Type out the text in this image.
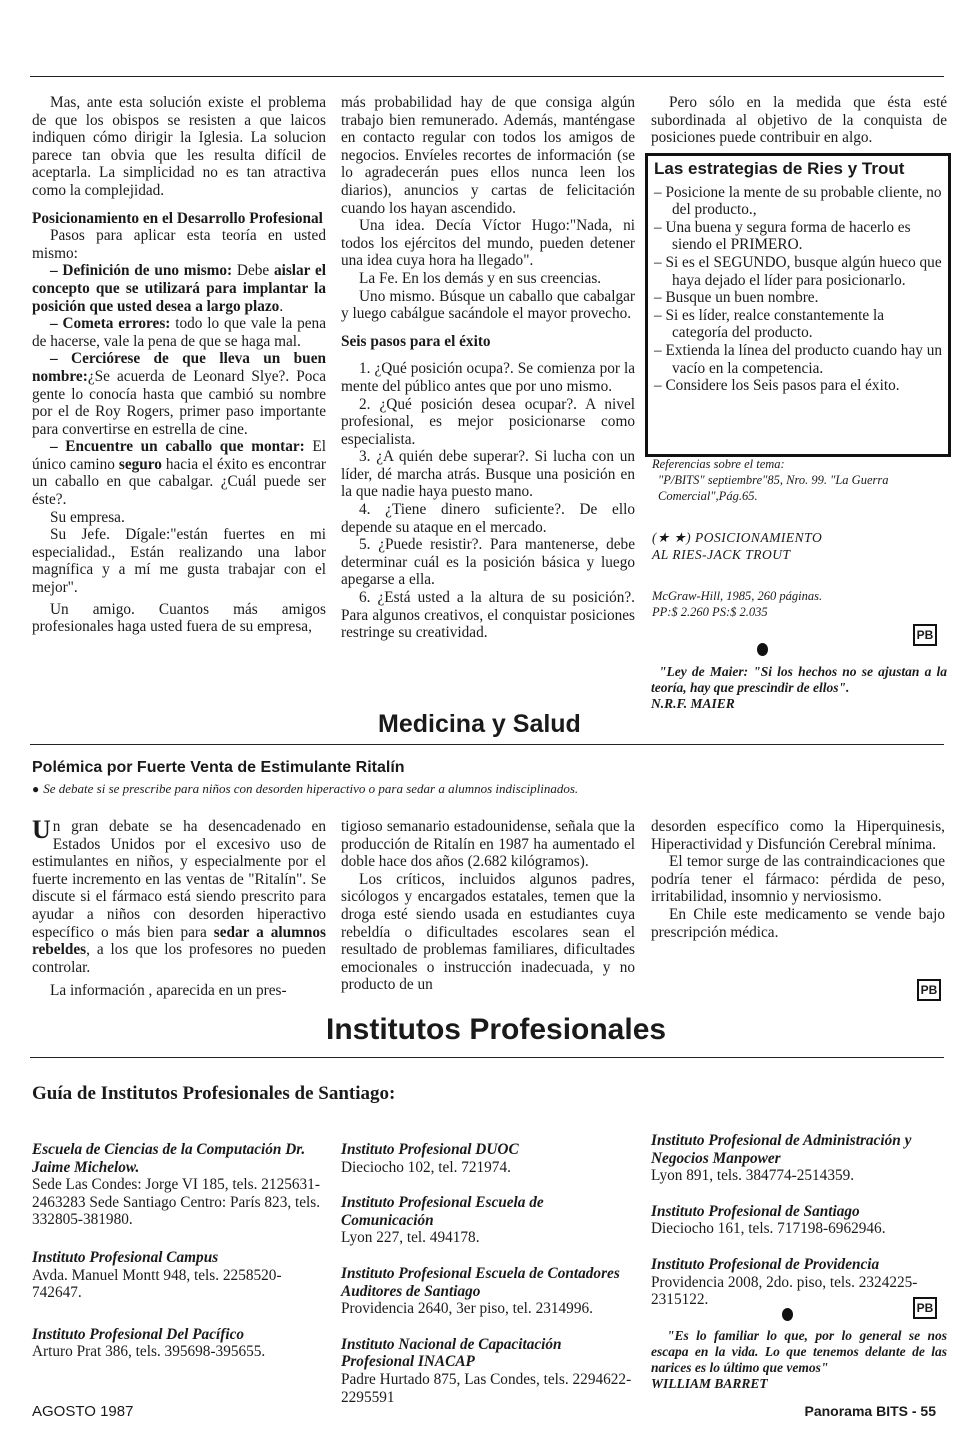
Mas, ante esta solución existe el problema de que los obispos se resisten a que laicos indiquen cómo dirigir la Iglesia. La solucion parece tan obvia que les resulta difícil de aceptarla. La simplicidad no es tan atractiva como la complejidad.

Posicionamiento en el Desarrollo Profesional

Pasos para aplicar esta teoría en usted mismo:

– Definición de uno mismo: Debe aislar el concepto que se utilizará para implantar la posición que usted desea a largo plazo.

– Cometa errores: todo lo que vale la pena de hacerse, vale la pena de que se haga mal.

– Cerciórese de que lleva un buen nombre:¿Se acuerda de Leonard Slye?. Poca gente lo conocía hasta que cambió su nombre por el de Roy Rogers, primer paso importante para convertirse en estrella de cine.

– Encuentre un caballo que montar: El único camino seguro hacia el éxito es encontrar un caballo en que cabalgar. ¿Cuál puede ser éste?.

Su empresa.

Su Jefe. Dígale:"están fuertes en mi especialidad., Están realizando una labor magnífica y a mí me gusta trabajar con el mejor".

Un amigo. Cuantos más amigos profesionales haga usted fuera de su empresa,

más probabilidad hay de que consiga algún trabajo bien remunerado. Además, manténgase en contacto regular con todos los amigos de negocios. Envíeles recortes de información (se lo agradecerán pues ellos nunca leen los diarios), anuncios y cartas de felicitación cuando los hayan ascendido.

Una idea. Decía Víctor Hugo:"Nada, ni todos los ejércitos del mundo, pueden detener una idea cuya hora ha llegado".

La Fe. En los demás y en sus creencias.

Uno mismo. Búsque un caballo que cabalgar y luego cabálgue sacándole el mayor provecho.

Seis pasos para el éxito

1. ¿Qué posición ocupa?. Se comienza por la mente del público antes que por uno mismo.

2. ¿Qué posición desea ocupar?. A nivel profesional, es mejor posicionarse como especialista.

3. ¿A quién debe superar?. Si lucha con un líder, dé marcha atrás. Busque una posición en la que nadie haya puesto mano.

4. ¿Tiene dinero suficiente?. De ello depende su ataque en el mercado.

5. ¿Puede resistir?. Para mantenerse, debe determinar cuál es la posición básica y luego apegarse a ella.

6. ¿Está usted a la altura de su posición?. Para algunos creativos, el conquistar posiciones restringe su creatividad.

Pero sólo en la medida que ésta esté subordinada al objetivo de la conquista de posiciones puede contribuir en algo.

Las estrategias de Ries y Trout
– Posicione la mente de su probable cliente, no del producto.,
– Una buena y segura forma de hacerlo es siendo el PRIMERO.
– Si es el SEGUNDO, busque algún hueco que haya dejado el líder para posicionarlo.
– Busque un buen nombre.
– Si es líder, realce constantemente la categoría del producto.
– Extienda la línea del producto cuando hay un vacío en la competencia.
– Considere los Seis pasos para el éxito.

Referencias sobre el tema:

"P/BITS" septiembre"85, Nro. 99. "La Guerra Comercial",Pág.65.

(★ ★) POSICIONAMIENTO

AL RIES-JACK TROUT

McGraw-Hill, 1985, 260 páginas.

PP:$ 2.260 PS:$ 2.035

PB

"Ley de Maier: "Si los hechos no se ajustan a la teoría, hay que prescindir de ellos".

N.R.F. MAIER

Medicina y Salud
Polémica por Fuerte Venta de Estimulante Ritalín
● Se debate si se prescribe para niños con desorden hiperactivo o para sedar a alumnos indisciplinados.

Un gran debate se ha desencadenado en Estados Unidos por el excesivo uso de estimulantes en niños, y especialmente por el fuerte incremento en las ventas de "Ritalín". Se discute si el fármaco está siendo prescrito para ayudar a niños con desorden hiperactivo específico o más bien para sedar a alumnos rebeldes, a los que los profesores no pueden controlar.

La información , aparecida en un pres-

tigioso semanario estadounidense, señala que la producción de Ritalín en 1987 ha aumentado el doble hace dos años (2.682 kilógramos).

Los críticos, incluidos algunos padres, sicólogos y encargados estatales, temen que la droga esté siendo usada en estudiantes cuya rebeldía o dificultades escolares sean el resultado de problemas familiares, dificultades emocionales o instrucción inadecuada, y no producto de un

desorden específico como la Hiperquinesis, Hiperactividad y Disfunción Cerebral mínima.

El temor surge de las contraindicaciones que podría tener el fármaco: pérdida de peso, irritabilidad, insomnio y nerviosismo.

En Chile este medicamento se vende bajo prescripción médica.

PB
Institutos Profesionales
Guía de Institutos Profesionales de Santiago:
Escuela de Ciencias de la Computación Dr. Jaime Michelow.
Sede Las Condes: Jorge VI 185, tels. 2125631- 2463283 Sede Santiago Centro: París 823, tels. 332805-381980.
Instituto Profesional Campus
Avda. Manuel Montt 948, tels. 2258520-742647.
Instituto Profesional Del Pacífico
Arturo Prat 386, tels. 395698-395655.
Instituto Profesional DUOC
Dieciocho 102, tel. 721974.
Instituto Profesional Escuela de Comunicación
Lyon 227, tel. 494178.
Instituto Profesional Escuela de Contadores Auditores de Santiago
Providencia 2640, 3er piso, tel. 2314996.
Instituto Nacional de Capacitación Profesional INACAP
Padre Hurtado 875, Las Condes, tels. 2294622-2295591
Instituto Profesional de Administración y Negocios Manpower
Lyon 891, tels. 384774-2514359.
Instituto Profesional de Santiago
Dieciocho 161, tels. 717198-6962946.
Instituto Profesional de Providencia
Providencia 2008, 2do. piso, tels. 2324225-2315122.	PB

"Es lo familiar lo que, por lo general se nos escapa en la vida. Lo que tenemos delante de las narices es lo último que vemos"

WILLIAM BARRET

AGOSTO 1987	Panorama BITS - 55
